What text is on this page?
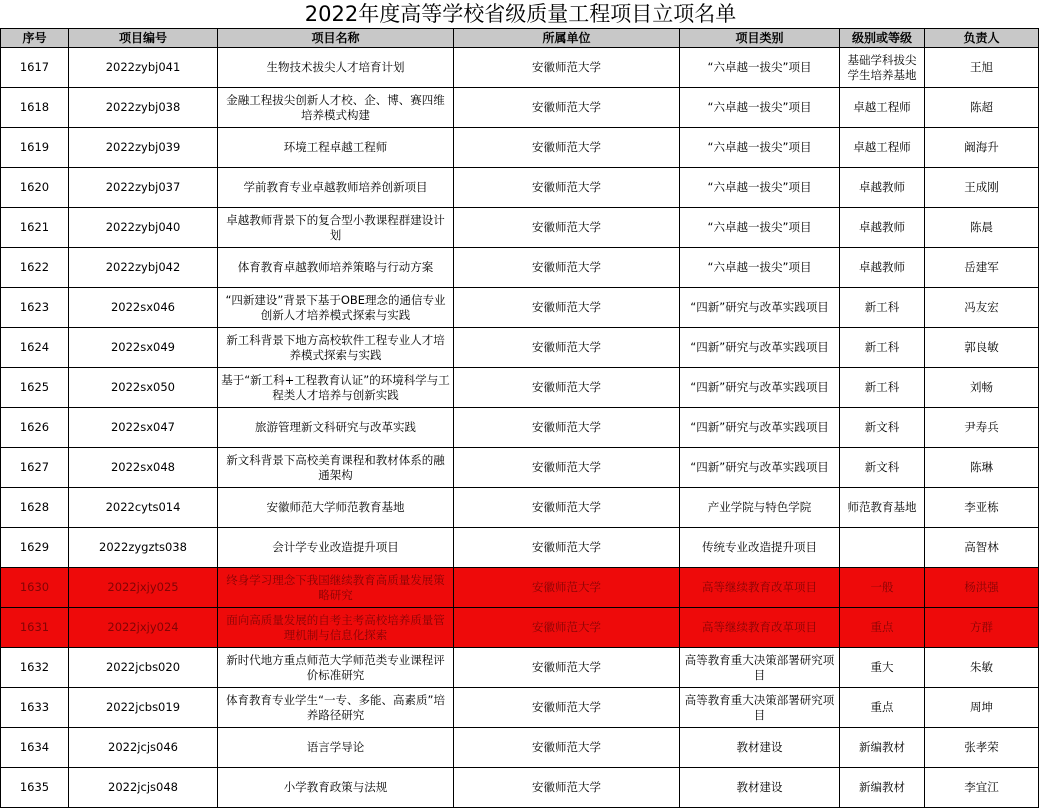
2022年度高等学校省级质量工程项目立项名单
序号	项目编号	项目名称	所属单位	项目类别	级别或等级	负责人
1617	2022zybj041	生物技术拔尖人才培育计划	安徽师范大学	“六卓越一拔尖”项目	基础学科拔尖学生培养基地	王旭
1618	2022zybj038	金融工程拔尖创新人才校、企、博、赛四维培养模式构建	安徽师范大学	“六卓越一拔尖”项目	卓越工程师	陈超
1619	2022zybj039	环境工程卓越工程师	安徽师范大学	“六卓越一拔尖”项目	卓越工程师	阚海升
1620	2022zybj037	学前教育专业卓越教师培养创新项目	安徽师范大学	“六卓越一拔尖”项目	卓越教师	王成刚
1621	2022zybj040	卓越教师背景下的复合型小教课程群建设计划	安徽师范大学	“六卓越一拔尖”项目	卓越教师	陈晨
1622	2022zybj042	体育教育卓越教师培养策略与行动方案	安徽师范大学	“六卓越一拔尖”项目	卓越教师	岳建军
1623	2022sx046	“四新建设”背景下基于OBE理念的通信专业创新人才培养模式探索与实践	安徽师范大学	“四新”研究与改革实践项目	新工科	冯友宏
1624	2022sx049	新工科背景下地方高校软件工程专业人才培养模式探索与实践	安徽师范大学	“四新”研究与改革实践项目	新工科	郭良敏
1625	2022sx050	基于“新工科+工程教育认证”的环境科学与工程类人才培养与创新实践	安徽师范大学	“四新”研究与改革实践项目	新工科	刘畅
1626	2022sx047	旅游管理新文科研究与改革实践	安徽师范大学	“四新”研究与改革实践项目	新文科	尹寿兵
1627	2022sx048	新文科背景下高校美育课程和教材体系的融通架构	安徽师范大学	“四新”研究与改革实践项目	新文科	陈琳
1628	2022cyts014	安徽师范大学师范教育基地	安徽师范大学	产业学院与特色学院	师范教育基地	李亚栋
1629	2022zygzts038	会计学专业改造提升项目	安徽师范大学	传统专业改造提升项目		高智林
1630	2022jxjy025	终身学习理念下我国继续教育高质量发展策略研究	安徽师范大学	高等继续教育改革项目	一般	杨洪强
1631	2022jxjy024	面向高质量发展的自考主考高校培养质量管理机制与信息化探索	安徽师范大学	高等继续教育改革项目	重点	方群
1632	2022jcbs020	新时代地方重点师范大学师范类专业课程评价标准研究	安徽师范大学	高等教育重大决策部署研究项目	重大	朱敏
1633	2022jcbs019	体育教育专业学生“一专、多能、高素质”培养路径研究	安徽师范大学	高等教育重大决策部署研究项目	重点	周坤
1634	2022jcjs046	语言学导论	安徽师范大学	教材建设	新编教材	张孝荣
1635	2022jcjs048	小学教育政策与法规	安徽师范大学	教材建设	新编教材	李宜江
